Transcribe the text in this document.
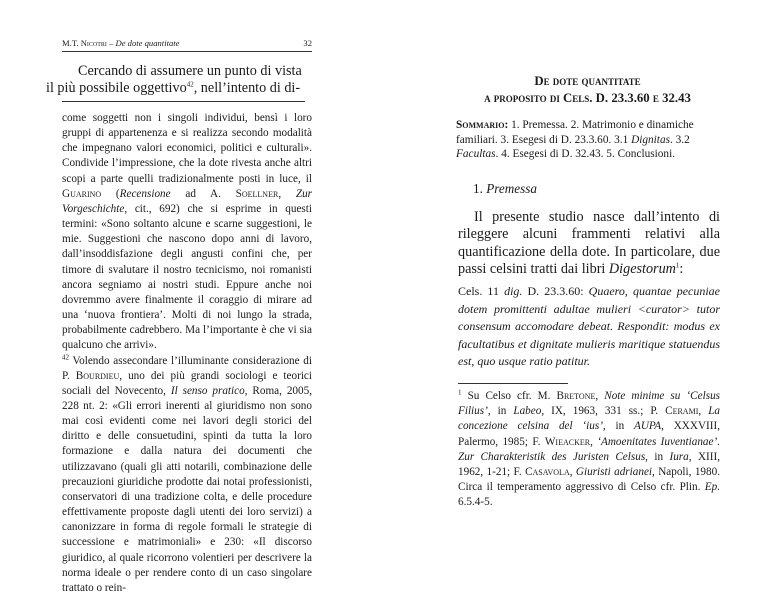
M.T. Nicotri – De dote quantitate	32
Cercando di assumere un punto di vista
il più possibile oggettivo$^{42}$, nell’intento di di-

come soggetti non i singoli individui, bensì i loro gruppi di appartenenza e si realizza secondo modalità che impegnano valori economici, politici e culturali». Condivide l’impressione, che la dote rivesta anche altri scopi a parte quelli tradizionalmente posti in luce, il Guarino (Recensione ad A. Soellner, Zur Vorgeschichte, cit., 692) che si esprime in questi termini: «Sono soltanto alcune e scarne suggestioni, le mie. Suggestioni che nascono dopo anni di lavoro, dall’insoddisfazione degli angusti confini che, per timore di svalutare il nostro tecnicismo, noi romanisti ancora segniamo ai nostri studi. Eppure anche noi dovremmo avere finalmente il coraggio di mirare ad una ‘nuova frontiera’. Molti di noi lungo la strada, probabilmente cadrebbero. Ma l’importante è che vi sia qualcuno che arrivi».

$^{42}$ Volendo assecondare l’illuminante considerazione di P. Bourdieu, uno dei più grandi sociologi e teorici sociali del Novecento, Il senso pratico, Roma, 2005, 228 nt. 2: «Gli errori inerenti al giuridismo non sono mai così evidenti come nei lavori degli storici del diritto e delle consuetudini, spinti da tutta la loro formazione e dalla natura dei documenti che utilizzavano (quali gli atti notarili, combinazione delle precauzioni giuridiche prodotte dai notai professionisti, conservatori di una tradizione colta, e delle procedure effettivamente proposte dagli utenti dei loro servizi) a canonizzare in forma di regole formali le strategie di successione e matrimoniali» e 230: «Il discorso giuridico, al quale ricorrono volentieri per descrivere la norma ideale o per rendere conto di un caso singolare trattato o rein-

De dote quantitate
a proposito di Cels. D. 23.3.60 e 32.43
Sommario: 1. Premessa. 2. Matrimonio e dinamiche familiari. 3. Esegesi di D. 23.3.60. 3.1 Dignitas. 3.2 Facultas. 4. Esegesi di D. 32.43. 5. Conclusioni.
1. Premessa
Il presente studio nasce dall’intento di rileggere alcuni frammenti relativi alla quantificazione della dote. In particolare, due passi celsini tratti dai libri Digestorum$^1$:
Cels. 11 dig. D. 23.3.60: Quaero, quantae pecuniae dotem promittenti adultae mulieri <curator> tutor consensum accomodare debeat. Respondit: modus ex facultatibus et dignitate mulieris maritique statuendus est, quo usque ratio patitur.
$^1$ Su Celso cfr. M. Bretone, Note minime su ‘Celsus Filius’, in Labeo, IX, 1963, 331 ss.; P. Cerami, La concezione celsina del ‘ius’, in AUPA, XXXVIII, Palermo, 1985; F. Wieacker, ‘Amoenitates Iuventianae’. Zur Charakteristik des Juristen Celsus, in Iura, XIII, 1962, 1-21; F. Casavola, Giuristi adrianei, Napoli, 1980. Circa il temperamento aggressivo di Celso cfr. Plin. Ep. 6.5.4-5.
